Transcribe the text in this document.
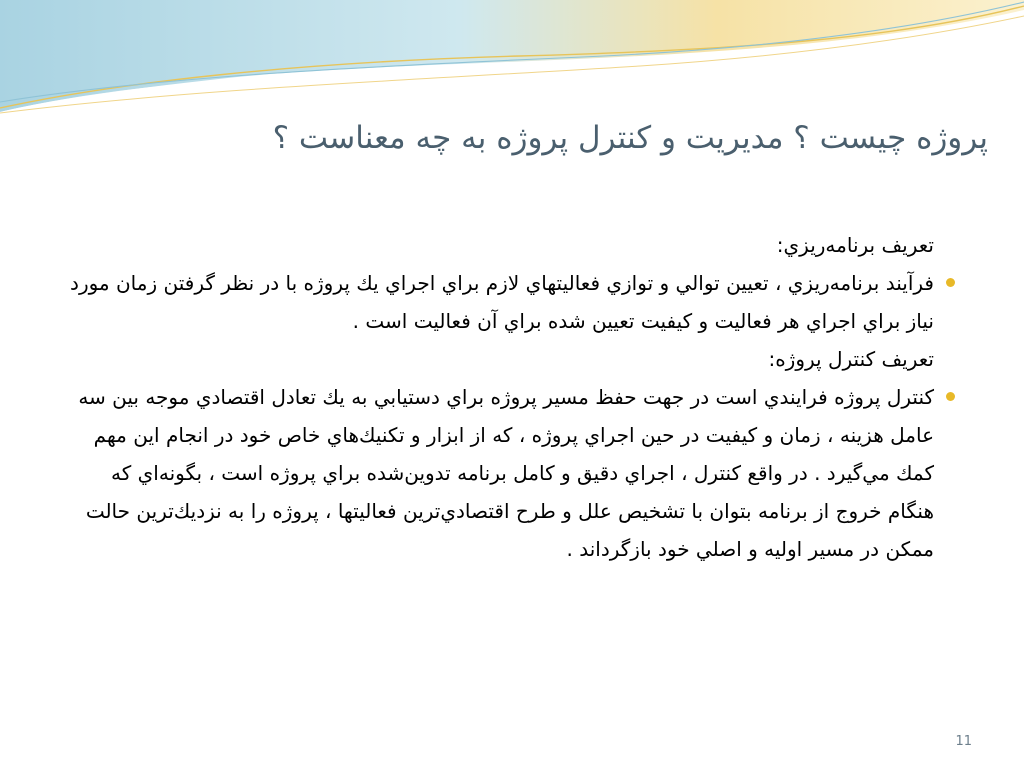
پروژه چيست ؟ مديريت و كنترل پروژه به چه معناست ؟

تعريف برنامه‌ريزي:

فرآيند برنامه‌ريزي ، تعيين توالي و توازي فعاليتهاي لازم براي اجراي يك پروژه با در نظر گرفتن زمان مورد نياز براي اجراي هر فعاليت و كيفيت تعيين شده براي آن فعاليت است .

تعريف كنترل پروژه:

كنترل پروژه فرايندي است در جهت حفظ مسير پروژه براي دستيابي به يك تعادل اقتصادي موجه بين سه عامل هزينه ، زمان و كيفيت در حين اجراي پروژه ، كه از ابزار و تكنيك‌هاي خاص خود در انجام اين مهم كمك مي‌گيرد . در واقع كنترل ، اجراي دقيق و كامل برنامه تدوين‌شده براي پروژه است ، بگونه‌اي كه هنگام خروج از برنامه بتوان با تشخيص علل و طرح اقتصادي‌ترين فعاليتها ، پروژه را به نزديك‌ترين حالت ممكن در مسير اوليه و اصلي خود بازگرداند .
11
